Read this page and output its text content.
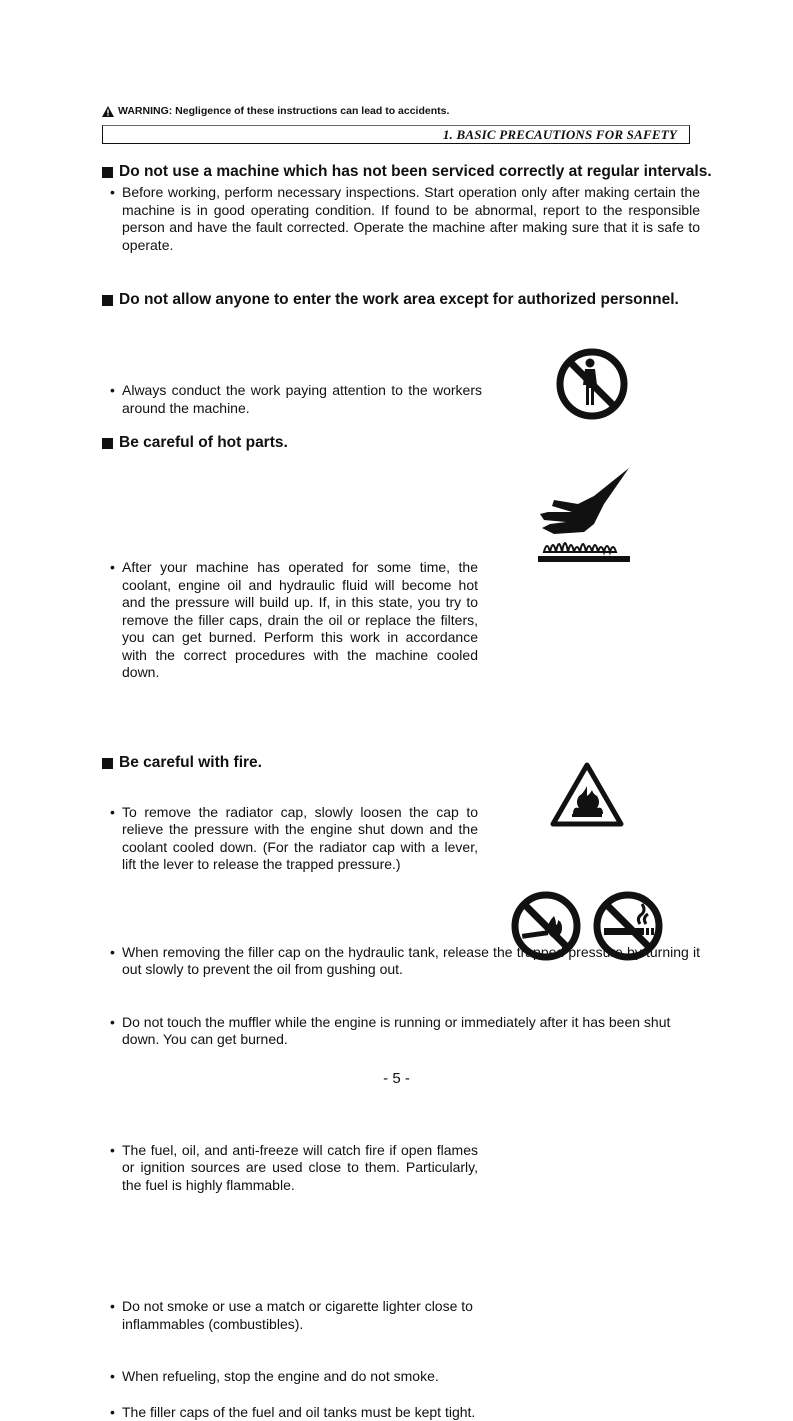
WARNING: Negligence of these instructions can lead to accidents.
1. BASIC PRECAUTIONS FOR SAFETY
Do not use a machine which has not been serviced correctly at regular intervals.
• Before working, perform necessary inspections. Start operation only after making certain the machine is in good operating condition. If found to be abnormal, report to the responsible person and have the fault corrected. Operate the machine after making sure that it is safe to operate.
Do not allow anyone to enter the work area except for authorized personnel.
• Always conduct the work paying attention to the workers around the machine.
Be careful of hot parts.
• After your machine has operated for some time, the coolant, engine oil and hydraulic fluid will become hot and the pressure will build up. If, in this state, you try to remove the filler caps, drain the oil or replace the filters, you can get burned. Perform this work in accordance with the correct procedures with the machine cooled down.
• To remove the radiator cap, slowly loosen the cap to relieve the pressure with the engine shut down and the coolant cooled down. (For the radiator cap with a lever, lift the lever to release the trapped pressure.)
• When removing the filler cap on the hydraulic tank, release the trapped pressure by turning it out slowly to prevent the oil from gushing out.
• Do not touch the muffler while the engine is running or immediately after it has been shut down. You can get burned.
Be careful with fire.
• The fuel, oil, and anti-freeze will catch fire if open flames or ignition sources are used close to them. Particularly, the fuel is highly flammable.
• Do not smoke or use a match or cigarette lighter close to inflammables (combustibles).
• When refueling, stop the engine and do not smoke.
• The filler caps of the fuel and oil tanks must be kept tight.
- 5 -
